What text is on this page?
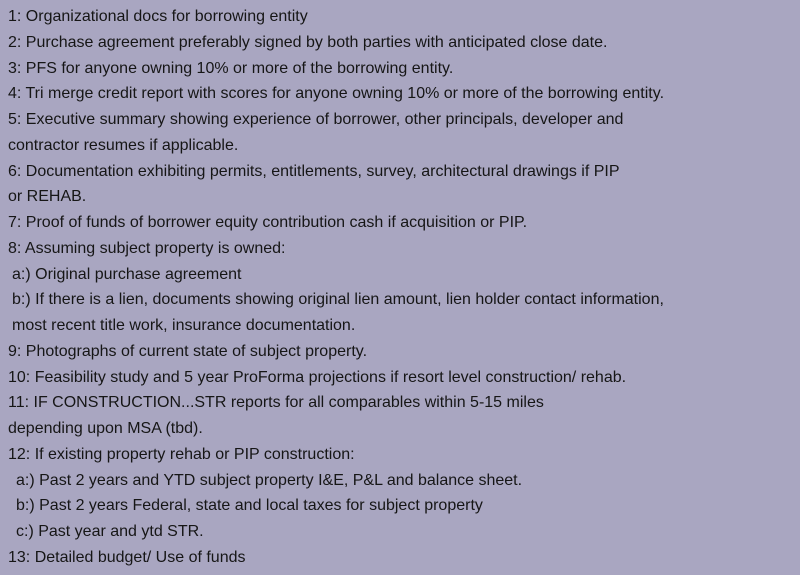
1: Organizational docs for borrowing entity
2: Purchase agreement preferably signed by both parties with anticipated close date.
3: PFS for anyone owning 10% or more of the borrowing entity.
4: Tri merge credit report with scores for anyone owning 10% or more of the borrowing entity.
5: Executive summary showing experience of borrower, other principals, developer and
contractor resumes if applicable.
6: Documentation exhibiting permits, entitlements, survey, architectural drawings if PIP
or REHAB.
7: Proof of funds of borrower equity contribution cash if acquisition or PIP.
8: Assuming subject property is owned:
a:) Original purchase agreement
b:) If there is a lien, documents showing original lien amount, lien holder contact information,
most recent title work, insurance documentation.
9: Photographs of current state of subject property.
10: Feasibility study and 5 year ProForma projections if resort level construction/ rehab.
11: IF CONSTRUCTION...STR reports for all comparables within 5-15 miles
depending upon MSA (tbd).
12: If existing property rehab or PIP construction:
a:) Past 2 years and YTD subject property I&E, P&L and balance sheet.
b:) Past 2 years Federal, state and local taxes for subject property
c:) Past year and ytd STR.
13: Detailed budget/ Use of funds
